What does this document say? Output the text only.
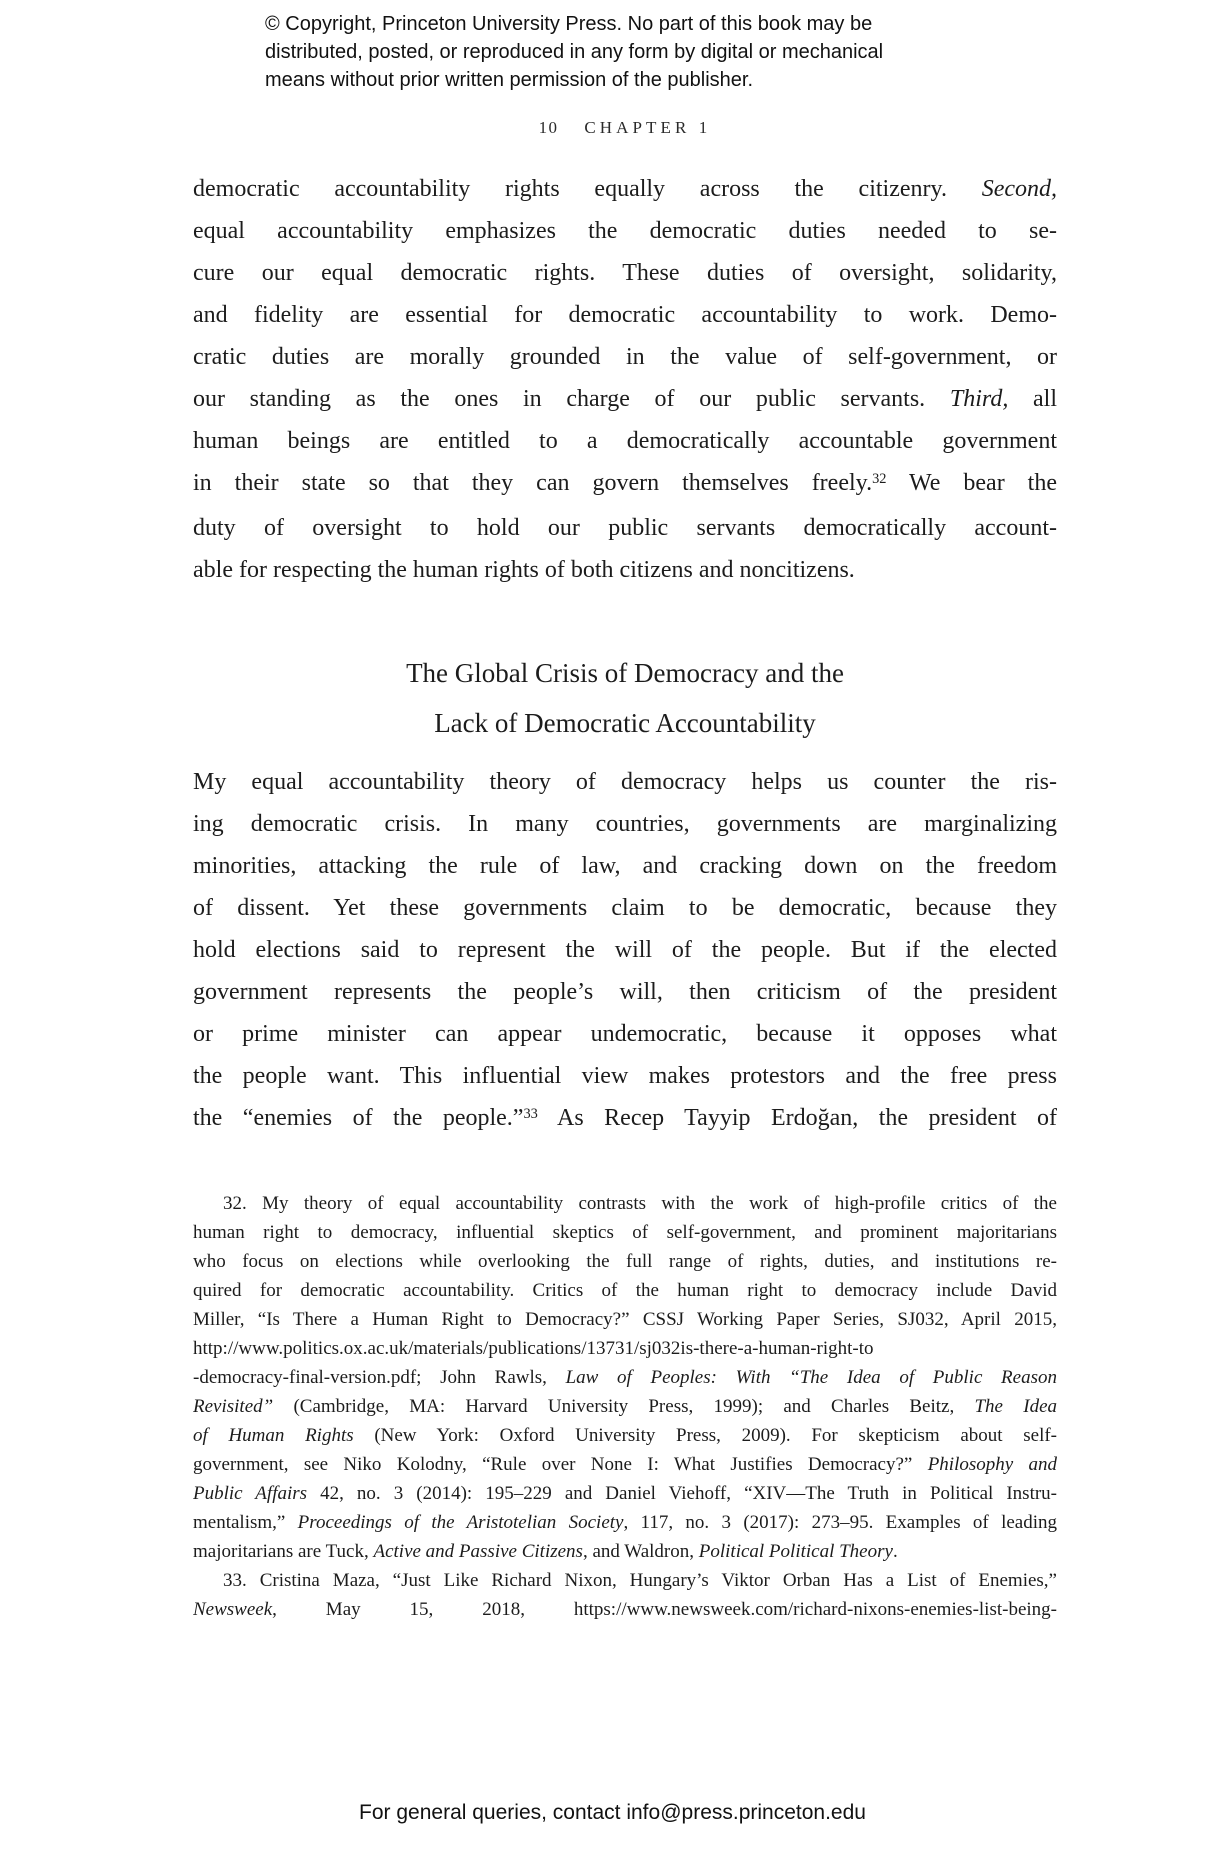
© Copyright, Princeton University Press. No part of this book may be
distributed, posted, or reproduced in any form by digital or mechanical
means without prior written permission of the publisher.
10 CHAPTER 1
democratic accountability rights equally across the citizenry. Second,
equal accountability emphasizes the democratic duties needed to se-
cure our equal democratic rights. These duties of oversight, solidarity,
and fidelity are essential for democratic accountability to work. Demo-
cratic duties are morally grounded in the value of self-government, or
our standing as the ones in charge of our public servants. Third, all
human beings are entitled to a democratically accountable government
in their state so that they can govern themselves freely.$^{32}$ We bear the
duty of oversight to hold our public servants democratically account-
able for respecting the human rights of both citizens and noncitizens.
The Global Crisis of Democracy and the
Lack of Democratic Accountability
My equal accountability theory of democracy helps us counter the ris-
ing democratic crisis. In many countries, governments are marginalizing
minorities, attacking the rule of law, and cracking down on the freedom
of dissent. Yet these governments claim to be democratic, because they
hold elections said to represent the will of the people. But if the elected
government represents the people’s will, then criticism of the president
or prime minister can appear undemocratic, because it opposes what
the people want. This influential view makes protestors and the free press
the “enemies of the people.”$^{33}$ As Recep Tayyip Erdoğan, the president of
32. My theory of equal accountability contrasts with the work of high-profile critics of the
human right to democracy, influential skeptics of self-government, and prominent majoritarians
who focus on elections while overlooking the full range of rights, duties, and institutions re-
quired for democratic accountability. Critics of the human right to democracy include David
Miller, “Is There a Human Right to Democracy?” CSSJ Working Paper Series, SJ032, April 2015,
http://www.politics.ox.ac.uk/materials/publications/13731/sj032is-there-a-human-right-to
-democracy-final-version.pdf; John Rawls, Law of Peoples: With “The Idea of Public Reason
Revisited” (Cambridge, MA: Harvard University Press, 1999); and Charles Beitz, The Idea
of Human Rights (New York: Oxford University Press, 2009). For skepticism about self-
government, see Niko Kolodny, “Rule over None I: What Justifies Democracy?” Philosophy and
Public Affairs 42, no. 3 (2014): 195–229 and Daniel Viehoff, “XIV—The Truth in Political Instru-
mentalism,” Proceedings of the Aristotelian Society, 117, no. 3 (2017): 273–95. Examples of leading
majoritarians are Tuck, Active and Passive Citizens, and Waldron, Political Political Theory.
33. Cristina Maza, “Just Like Richard Nixon, Hungary’s Viktor Orban Has a List of Enemies,”
Newsweek, May 15, 2018, https://www.newsweek.com/richard-nixons-enemies-list-being-
For general queries, contact info@press.princeton.edu
